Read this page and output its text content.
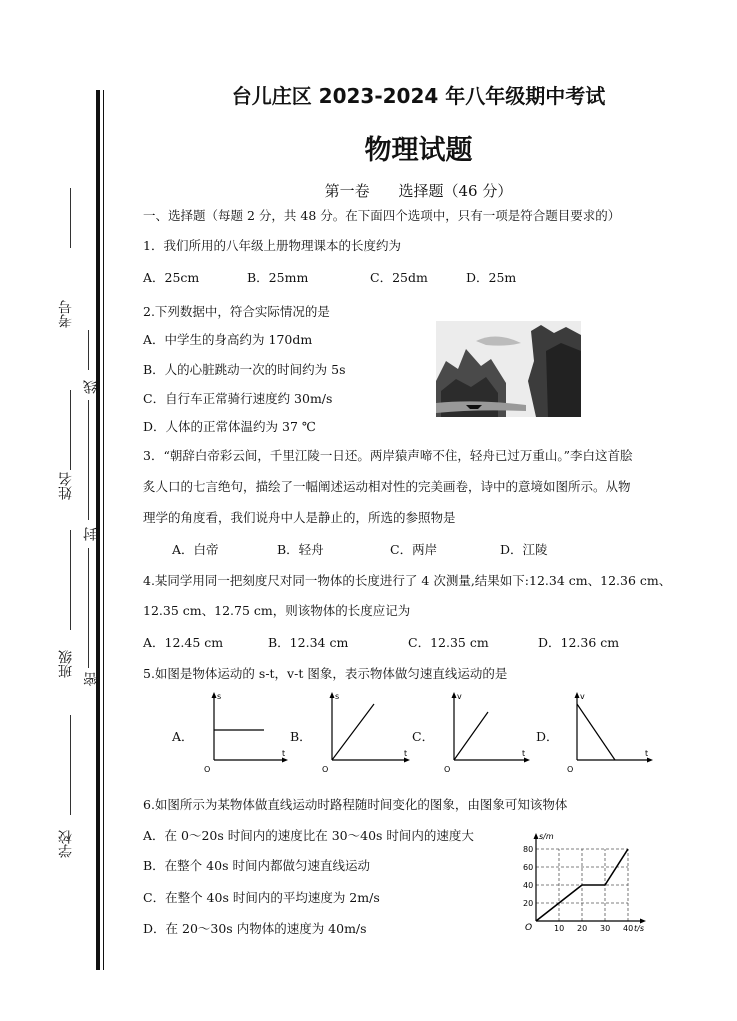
考号
姓名
班级
学校
线
封
密
台儿庄区 2023-2024 年八年级期中考试
物理试题
第一卷 选择题（46 分）
一、选择题（每题 2 分，共 48 分。在下面四个选项中，只有一项是符合题目要求的）
1．我们所用的八年级上册物理课本的长度约为
A．25cm	B．25mm	C．25dm	D．25m
2.下列数据中，符合实际情况的是
A．中学生的身高约为 170dm
B．人的心脏跳动一次的时间约为 5s
C．自行车正常骑行速度约 30m/s
D．人体的正常体温约为 37 ℃
3．“朝辞白帝彩云间，千里江陵一日还。两岸猿声啼不住，轻舟已过万重山。”李白这首脍
炙人口的七言绝句，描绘了一幅阐述运动相对性的完美画卷，诗中的意境如图所示。从物
理学的角度看，我们说舟中人是静止的，所选的参照物是
A．白帝	B．轻舟	C．两岸	D．江陵
4.某同学用同一把刻度尺对同一物体的长度进行了 4 次测量,结果如下:12.34 cm、12.36 cm、
12.35 cm、12.75 cm，则该物体的长度应记为
A．12.45 cm	B．12.34 cm	C．12.35 cm	D．12.36 cm
5.如图是物体运动的 s-t，v-t 图象，表示物体做匀速直线运动的是
A．	B．	C．	D．
s
t
O
s
t
O
v
t
O
v
t
O
6.如图所示为某物体做直线运动时路程随时间变化的图象，由图象可知该物体
A．在 0～20s 时间内的速度比在 30～40s 时间内的速度大
B．在整个 40s 时间内都做匀速直线运动
C．在整个 40s 时间内的平均速度为 2m/s
D．在 20～30s 内物体的速度为 40m/s	10 20 30 40
20
40
60
80
s/m
t/s
O
